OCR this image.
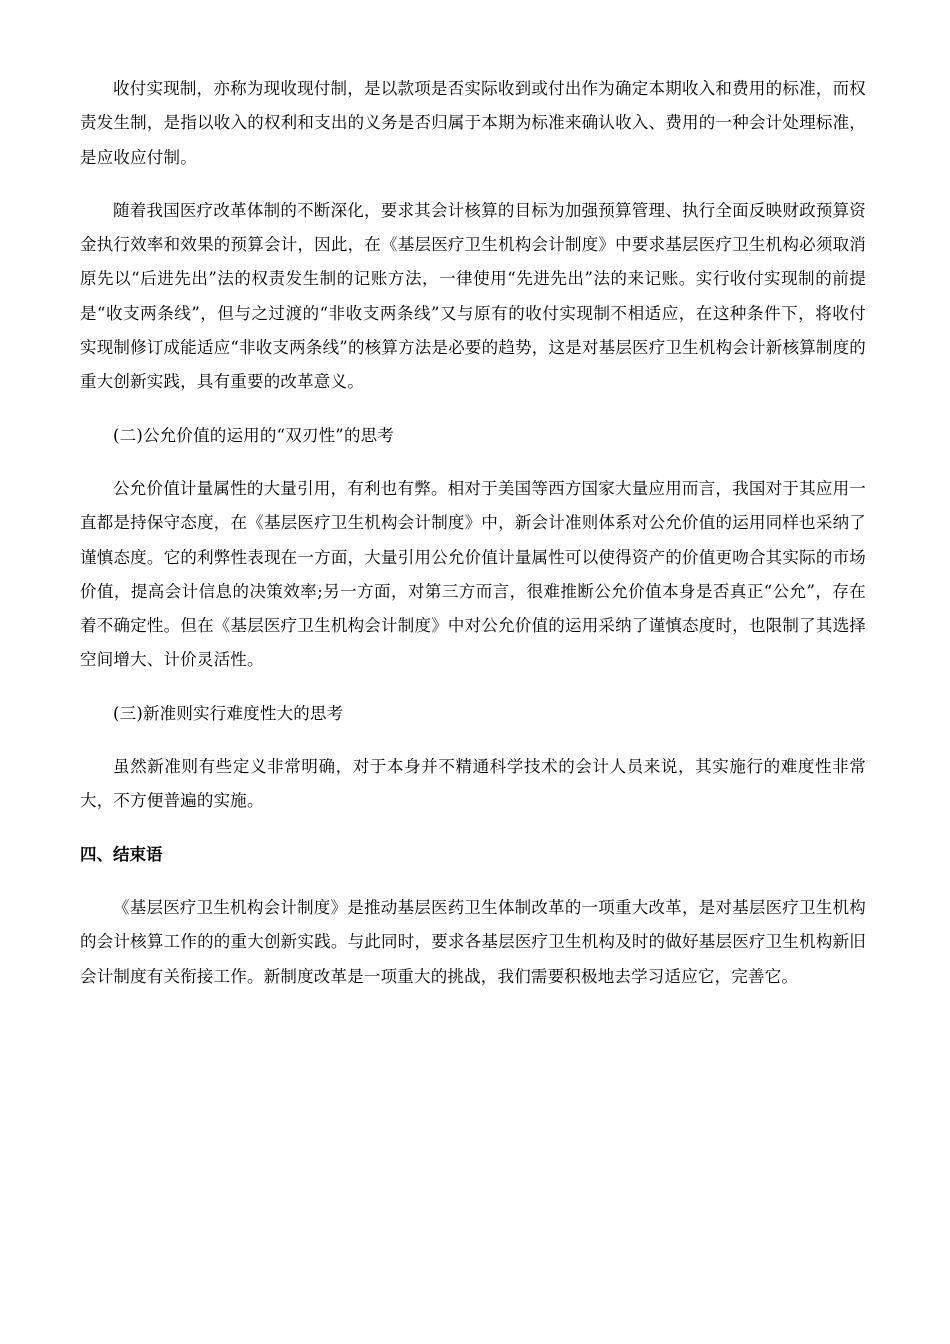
收付实现制，亦称为现收现付制，是以款项是否实际收到或付出作为确定本期收入和费用的标准，而权责发生制，是指以收入的权利和支出的义务是否归属于本期为标准来确认收入、费用的一种会计处理标准，是应收应付制。

随着我国医疗改革体制的不断深化，要求其会计核算的目标为加强预算管理、执行全面反映财政预算资金执行效率和效果的预算会计，因此，在《基层医疗卫生机构会计制度》中要求基层医疗卫生机构必须取消原先以“后进先出”法的权责发生制的记账方法，一律使用“先进先出”法的来记账。实行收付实现制的前提是“收支两条线”，但与之过渡的“非收支两条线”又与原有的收付实现制不相适应，在这种条件下，将收付实现制修订成能适应“非收支两条线”的核算方法是必要的趋势，这是对基层医疗卫生机构会计新核算制度的重大创新实践，具有重要的改革意义。

(二)公允价值的运用的“双刃性”的思考

公允价值计量属性的大量引用，有利也有弊。相对于美国等西方国家大量应用而言，我国对于其应用一直都是持保守态度，在《基层医疗卫生机构会计制度》中，新会计准则体系对公允价值的运用同样也采纳了谨慎态度。它的利弊性表现在一方面，大量引用公允价值计量属性可以使得资产的价值更吻合其实际的市场价值，提高会计信息的决策效率;另一方面，对第三方而言，很难推断公允价值本身是否真正“公允”，存在着不确定性。但在《基层医疗卫生机构会计制度》中对公允价值的运用采纳了谨慎态度时，也限制了其选择空间增大、计价灵活性。

(三)新准则实行难度性大的思考

虽然新准则有些定义非常明确，对于本身并不精通科学技术的会计人员来说，其实施行的难度性非常大，不方便普遍的实施。

四、结束语

《基层医疗卫生机构会计制度》是推动基层医药卫生体制改革的一项重大改革，是对基层医疗卫生机构的会计核算工作的的重大创新实践。与此同时，要求各基层医疗卫生机构及时的做好基层医疗卫生机构新旧会计制度有关衔接工作。新制度改革是一项重大的挑战，我们需要积极地去学习适应它，完善它。
